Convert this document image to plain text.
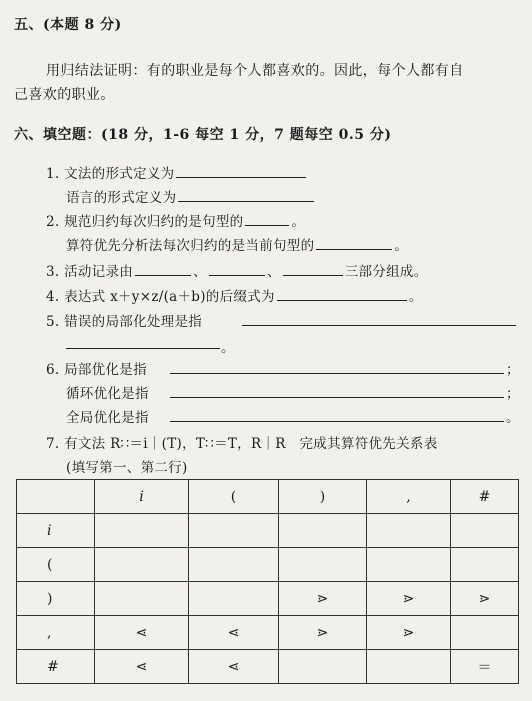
五、(本题 8 分)
用归结法证明：有的职业是每个人都喜欢的。因此，每个人都有自
己喜欢的职业。
六、填空题：(18 分，1-6 每空 1 分，7 题每空 0.5 分)
1. 文法的形式定义为
语言的形式定义为
2. 规范归约每次归约的是句型的	。
算符优先分析法每次归约的是当前句型的	。
3. 活动记录由	、	、	三部分组成。
4. 表达式 x＋y×z/(a＋b)的后缀式为	。
5. 错误的局部化处理是指
。
6. 局部优化是指	；
循环优化是指	；
全局优化是指	。
7. 有文法 R∷＝i｜(T)，T∷＝T，R｜R　完成其算符优先关系表
(填写第一、第二行)
	i	(	)	,	#
i					
(					
)			⋗	⋗	⋗
,	⋖	⋖	⋗	⋗	
#	⋖	⋖			＝
